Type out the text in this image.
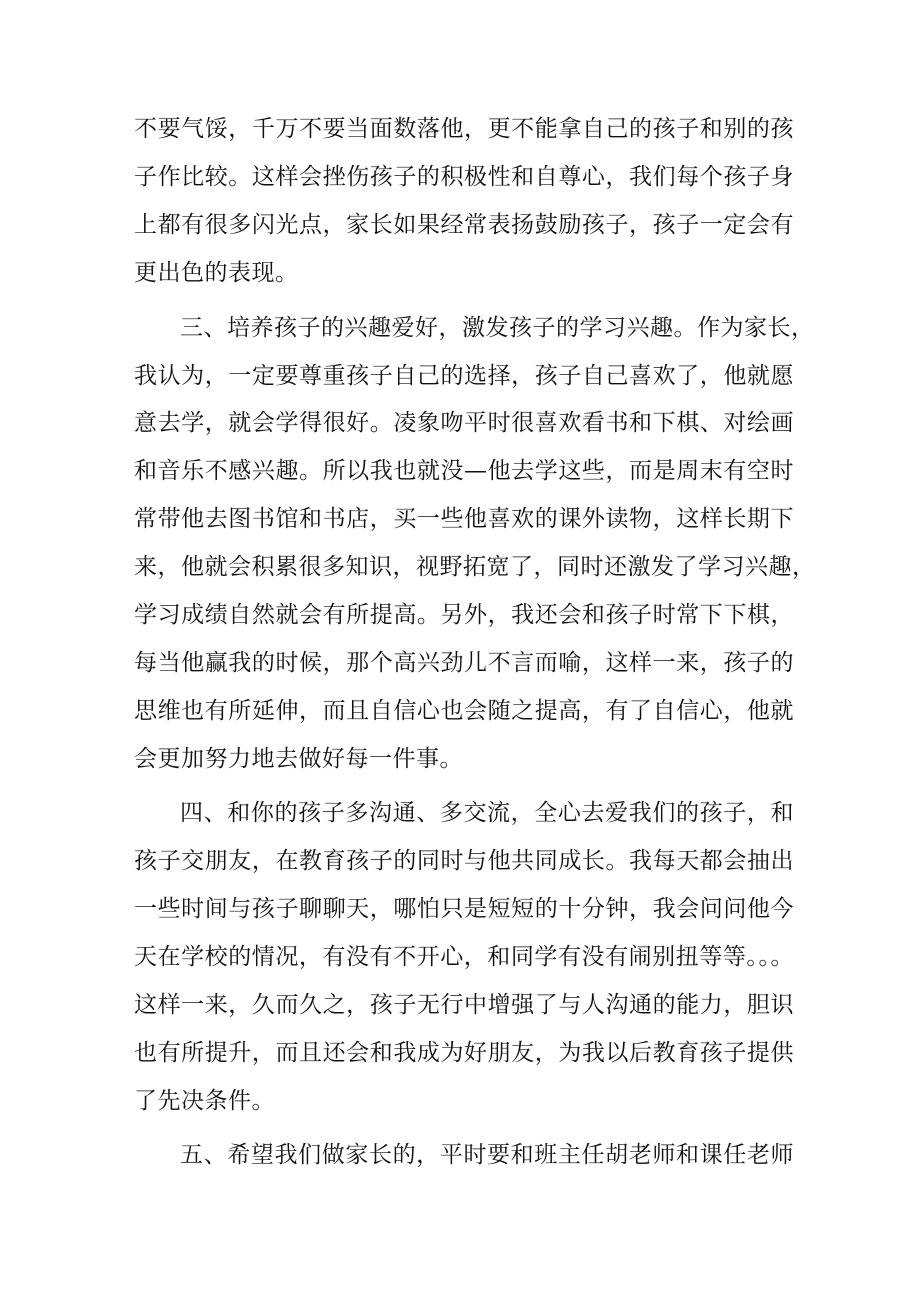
不要气馁，千万不要当面数落他，更不能拿自己的孩子和别的孩
子作比较。这样会挫伤孩子的积极性和自尊心，我们每个孩子身
上都有很多闪光点，家长如果经常表扬鼓励孩子，孩子一定会有
更出色的表现。
三、培养孩子的兴趣爱好，激发孩子的学习兴趣。作为家长，
我认为，一定要尊重孩子自己的选择，孩子自己喜欢了，他就愿
意去学，就会学得很好。凌象吻平时很喜欢看书和下棋、对绘画
和音乐不感兴趣。所以我也就没—他去学这些，而是周末有空时
常带他去图书馆和书店，买一些他喜欢的课外读物，这样长期下
来，他就会积累很多知识，视野拓宽了，同时还激发了学习兴趣，
学习成绩自然就会有所提高。另外，我还会和孩子时常下下棋，
每当他赢我的时候，那个高兴劲儿不言而喻，这样一来，孩子的
思维也有所延伸，而且自信心也会随之提高，有了自信心，他就
会更加努力地去做好每一件事。
四、和你的孩子多沟通、多交流，全心去爱我们的孩子，和
孩子交朋友，在教育孩子的同时与他共同成长。我每天都会抽出
一些时间与孩子聊聊天，哪怕只是短短的十分钟，我会问问他今
天在学校的情况，有没有不开心，和同学有没有闹别扭等等。。。
这样一来，久而久之，孩子无行中增强了与人沟通的能力，胆识
也有所提升，而且还会和我成为好朋友，为我以后教育孩子提供
了先决条件。
五、希望我们做家长的，平时要和班主任胡老师和课任老师
